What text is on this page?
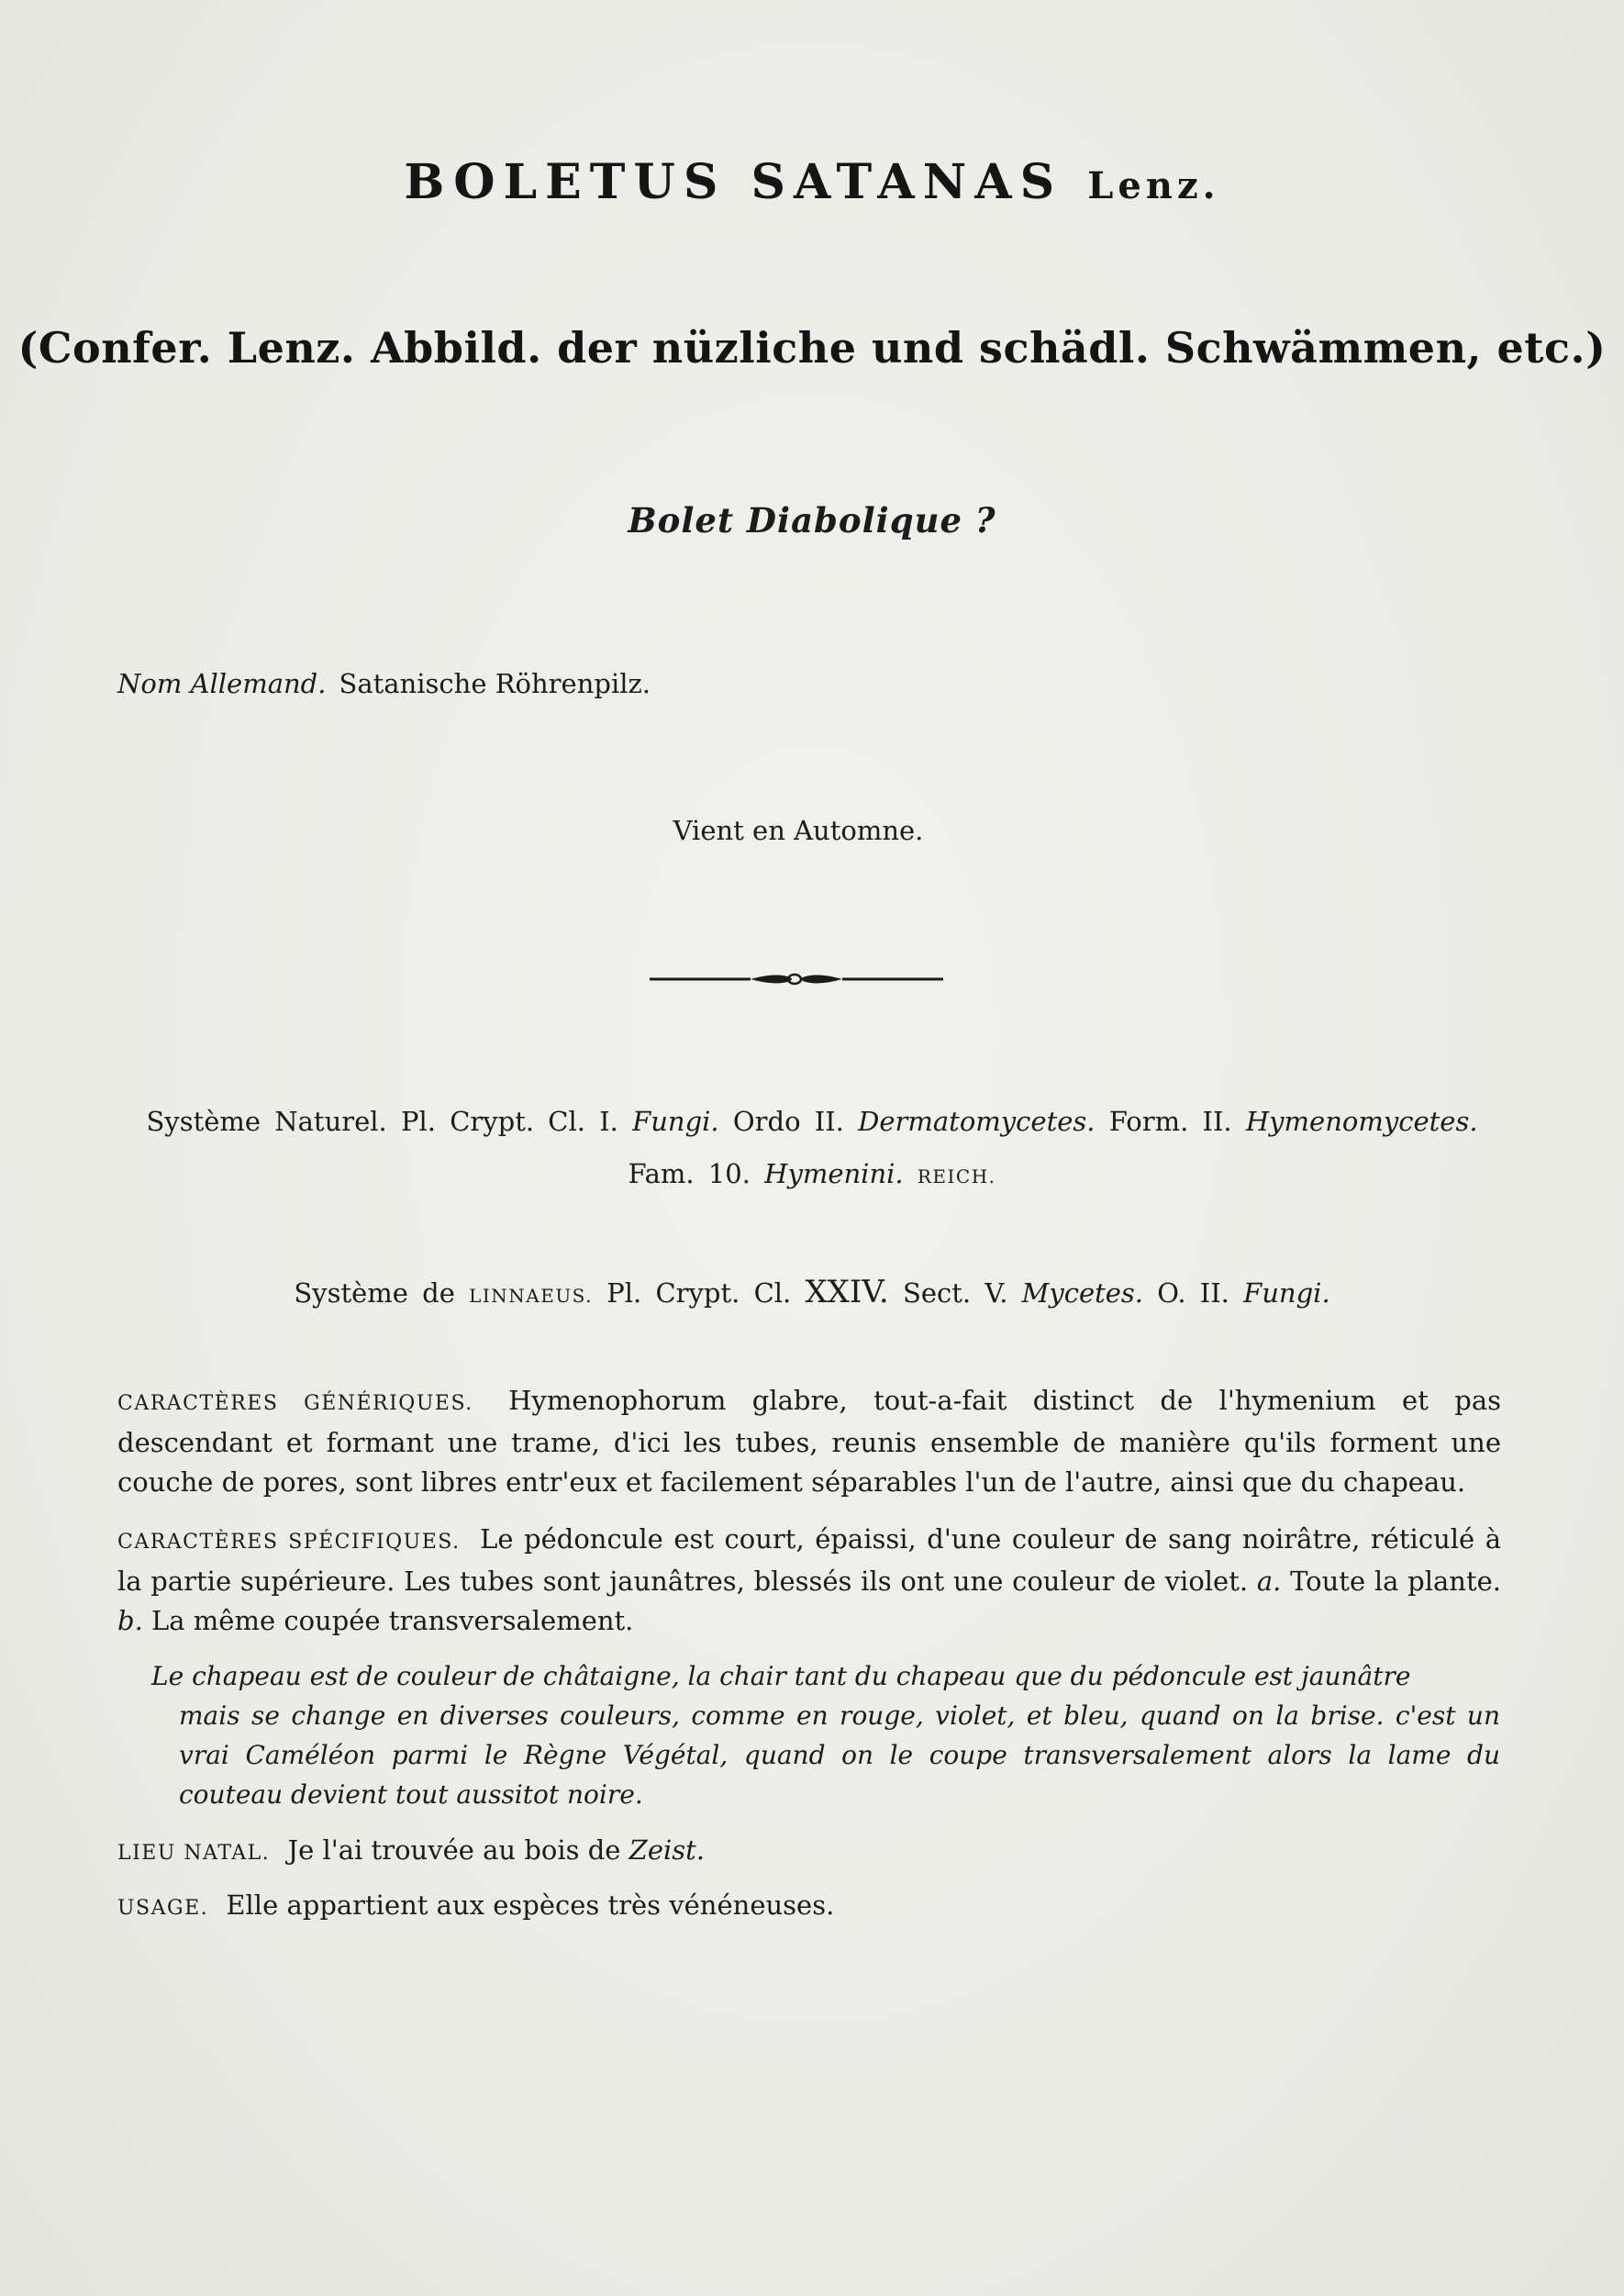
BOLETUS SATANAS Lenz.
(Confer. Lenz. Abbild. der nüzliche und schädl. Schwämmen, etc.)
Bolet Diabolique ?
Nom Allemand. Satanische Röhrenpilz.
Vient en Automne.
Système Naturel. Pl. Crypt. Cl. I. Fungi. Ordo II. Dermatomycetes. Form. II. Hymenomycetes.
Fam. 10. Hymenini. REICH.
Système de LINNAEUS. Pl. Crypt. Cl. XXIV. Sect. V. Mycetes. O. II. Fungi.
CARACTÈRES GÉNÉRIQUES. Hymenophorum glabre, tout-a-fait distinct de l'hymenium et pas descendant et formant une trame, d'ici les tubes, reunis ensemble de manière qu'ils forment une couche de pores, sont libres entr'eux et facilement séparables l'un de l'autre, ainsi que du chapeau.
CARACTÈRES SPÉCIFIQUES. Le pédoncule est court, épaissi, d'une couleur de sang noirâtre, réticulé à la partie supérieure. Les tubes sont jaunâtres, blessés ils ont une couleur de violet. a. Toute la plante. b. La même coupée transversalement.
Le chapeau est de couleur de châtaigne, la chair tant du chapeau que du pédoncule est jaunâtre
mais se change en diverses couleurs, comme en rouge, violet, et bleu, quand on la brise. c'est un vrai Caméléon parmi le Règne Végétal, quand on le coupe transversalement alors la lame du couteau devient tout aussitot noire.
LIEU NATAL. Je l'ai trouvée au bois de Zeist.
USAGE. Elle appartient aux espèces très vénéneuses.
